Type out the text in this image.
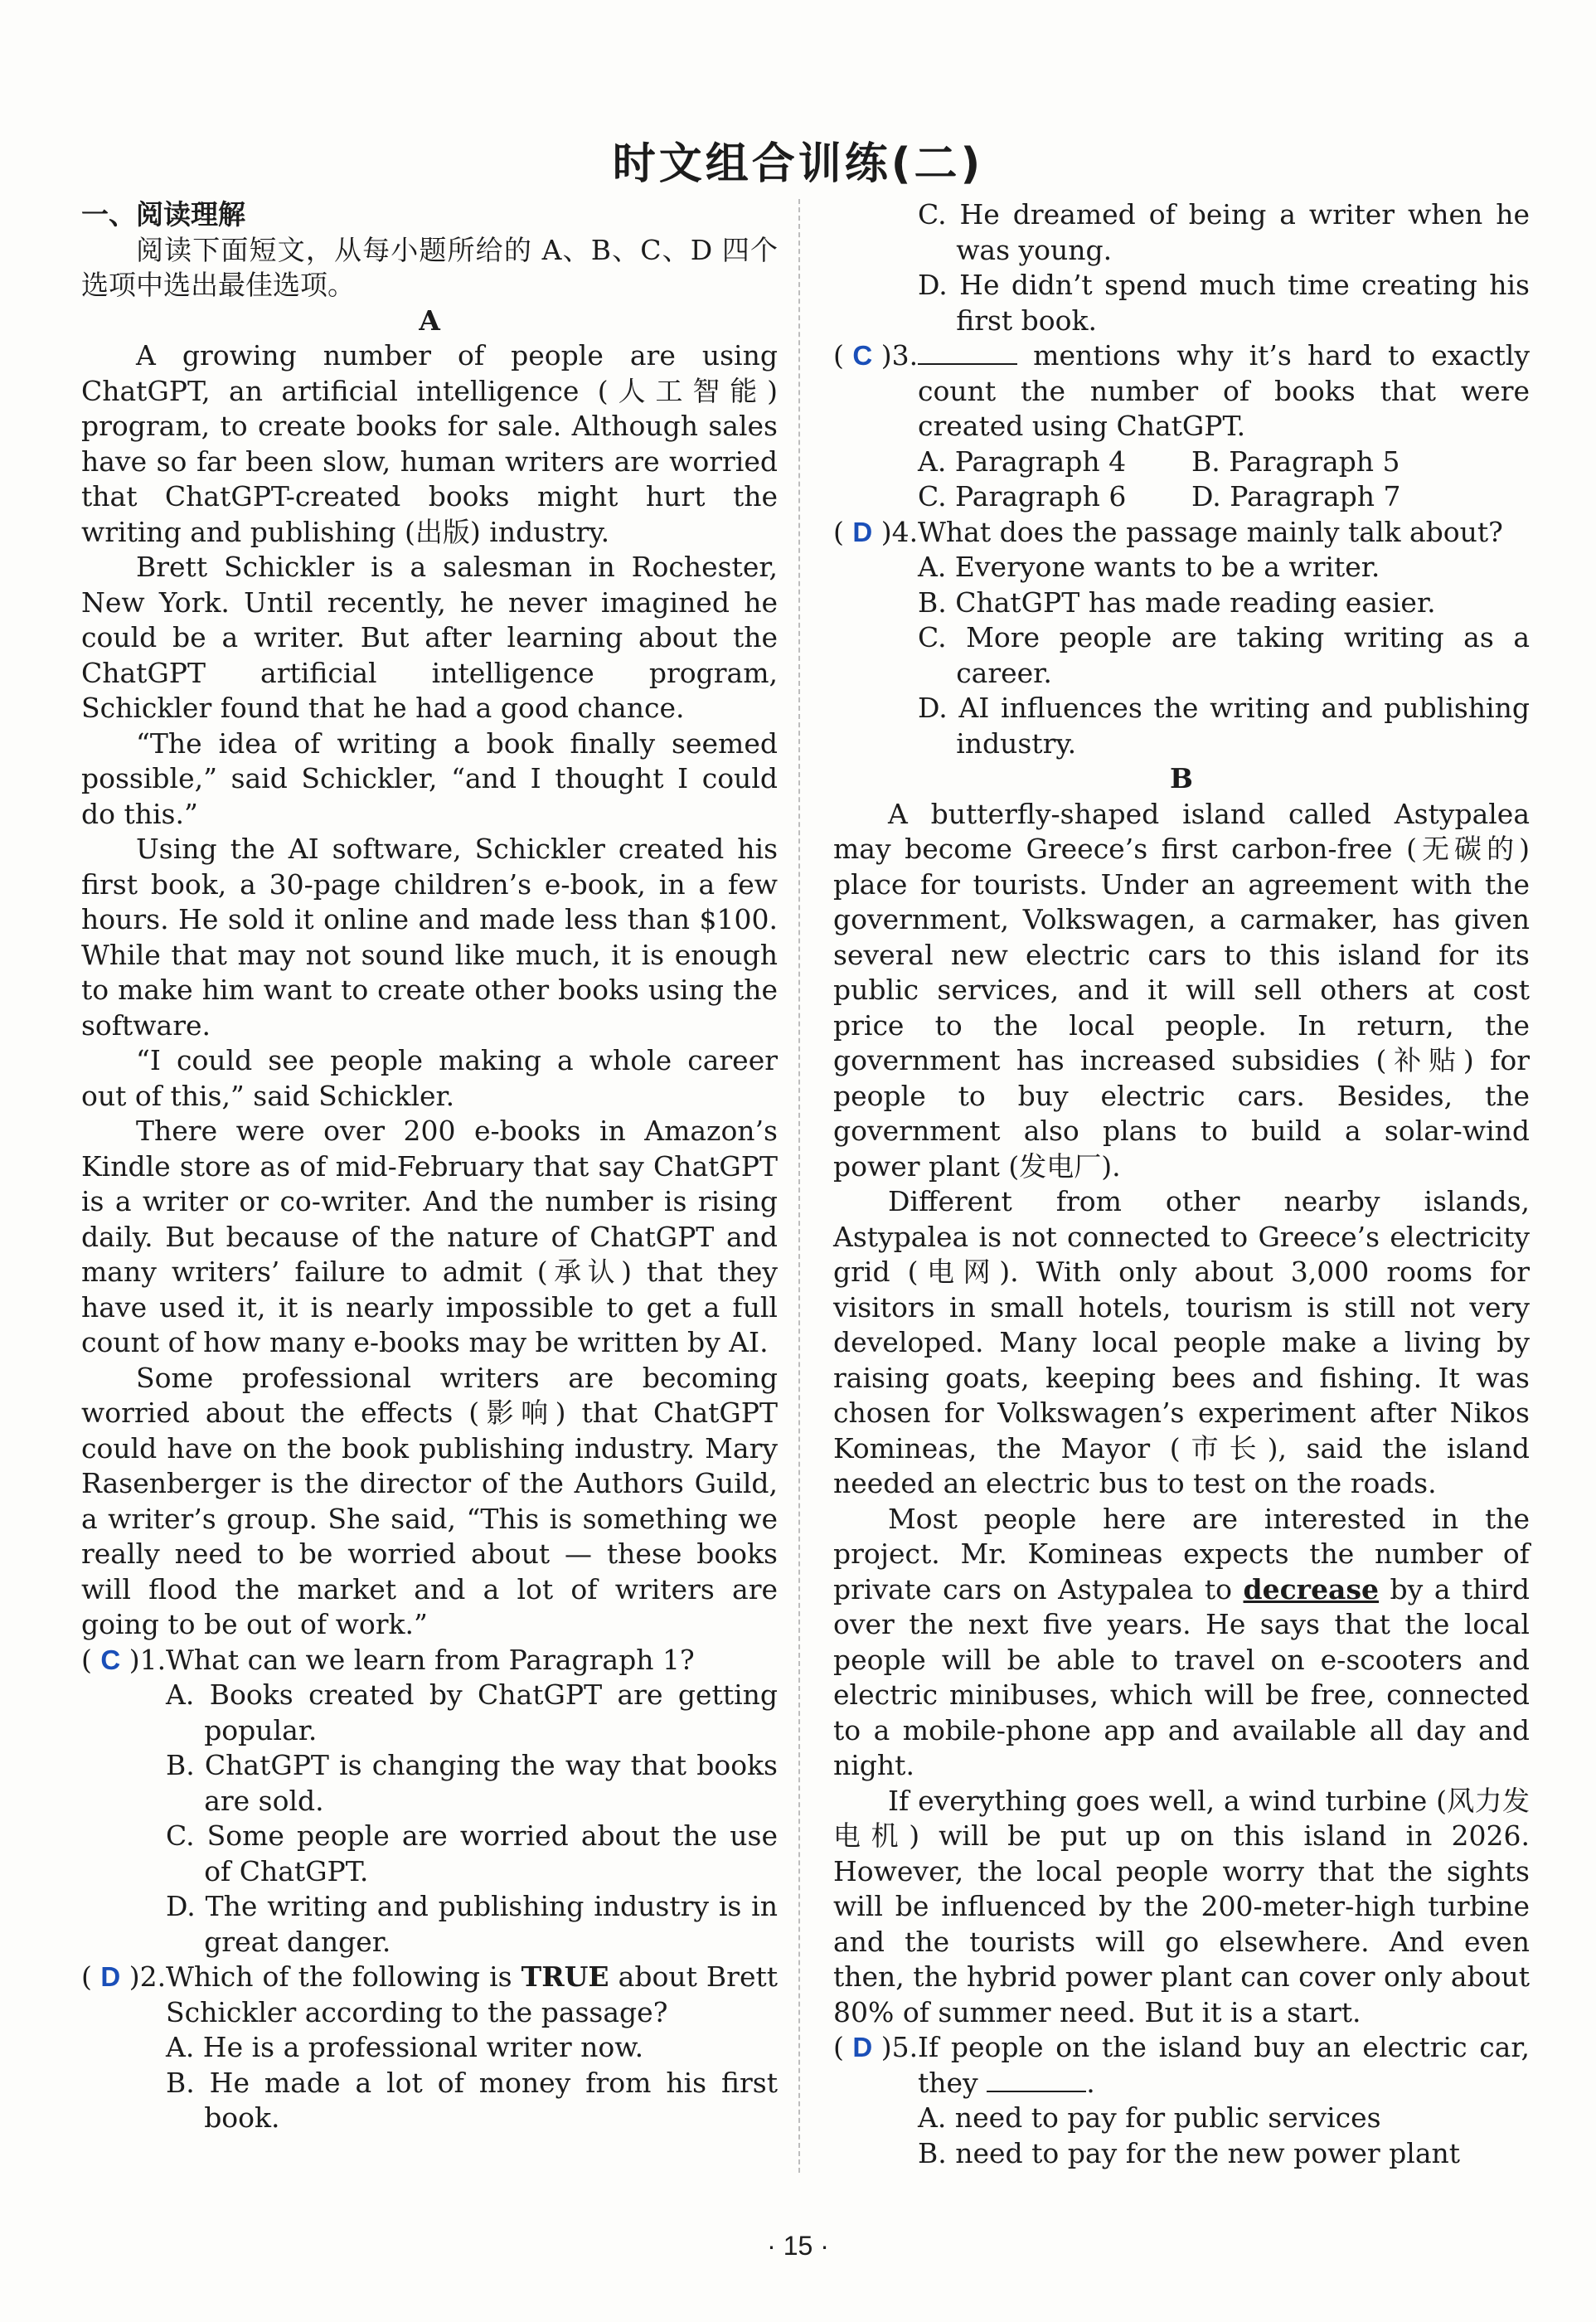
时文组合训练(二)

一、阅读理解

阅读下面短文，从每小题所给的 A、B、C、D 四个选项中选出最佳选项。

A

A growing number of people are using ChatGPT, an artificial intelligence (人工智能) program, to create books for sale. Although sales have so far been slow, human writers are worried that ChatGPT-created books might hurt the writing and publishing (出版) industry.

Brett Schickler is a salesman in Rochester, New York. Until recently, he never imagined he could be a writer. But after learning about the ChatGPT artificial intelligence program, Schickler found that he had a good chance.

“The idea of writing a book finally seemed possible,” said Schickler, “and I thought I could do this.”

Using the AI software, Schickler created his first book, a 30-page children’s e-book, in a few hours. He sold it online and made less than $100. While that may not sound like much, it is enough to make him want to create other books using the software.

“I could see people making a whole career out of this,” said Schickler.

There were over 200 e-books in Amazon’s Kindle store as of mid-February that say ChatGPT is a writer or co-writer. And the number is rising daily. But because of the nature of ChatGPT and many writers’ failure to admit (承认) that they have used it, it is nearly impossible to get a full count of how many e-books may be written by AI.

Some professional writers are becoming worried about the effects (影响) that ChatGPT could have on the book publishing industry. Mary Rasenberger is the director of the Authors Guild, a writer’s group. She said, “This is something we really need to be worried about — these books will flood the market and a lot of writers are going to be out of work.”

( C )1. What can we learn from Paragraph 1?

A. Books created by ChatGPT are getting popular.

B. ChatGPT is changing the way that books are sold.

C. Some people are worried about the use of ChatGPT.

D. The writing and publishing industry is in great danger.

( D )2. Which of the following is TRUE about Brett Schickler according to the passage?

A. He is a professional writer now.

B. He made a lot of money from his first book.

C. He dreamed of being a writer when he was young.

D. He didn’t spend much time creating his first book.

( C )3.	mentions why it’s hard to exactly count the number of books that were created using ChatGPT.
A. Paragraph 4	B. Paragraph 5
C. Paragraph 6	D. Paragraph 7
( D )4. What does the passage mainly talk about?

A. Everyone wants to be a writer.

B. ChatGPT has made reading easier.

C. More people are taking writing as a career.

D. AI influences the writing and publishing industry.

B

A butterfly-shaped island called Astypalea may become Greece’s first carbon-free (无碳的) place for tourists. Under an agreement with the government, Volkswagen, a carmaker, has given several new electric cars to this island for its public services, and it will sell others at cost price to the local people. In return, the government has increased subsidies (补贴) for people to buy electric cars. Besides, the government also plans to build a solar-wind power plant (发电厂).

Different from other nearby islands, Astypalea is not connected to Greece’s electricity grid (电网). With only about 3,000 rooms for visitors in small hotels, tourism is still not very developed. Many local people make a living by raising goats, keeping bees and fishing. It was chosen for Volkswagen’s experiment after Nikos Komineas, the Mayor (市长), said the island needed an electric bus to test on the roads.

Most people here are interested in the project. Mr. Komineas expects the number of private cars on Astypalea to decrease by a third over the next five years. He says that the local people will be able to travel on e-scooters and electric minibuses, which will be free, connected to a mobile-phone app and available all day and night.

If everything goes well, a wind turbine (风力发电机) will be put up on this island in 2026. However, the local people worry that the sights will be influenced by the 200-meter-high turbine and the tourists will go elsewhere. And even then, the hybrid power plant can cover only about 80% of summer need. But it is a start.

( D )5. If people on the island buy an electric car, they	.

A. need to pay for public services

B. need to pay for the new power plant

· 15 ·
